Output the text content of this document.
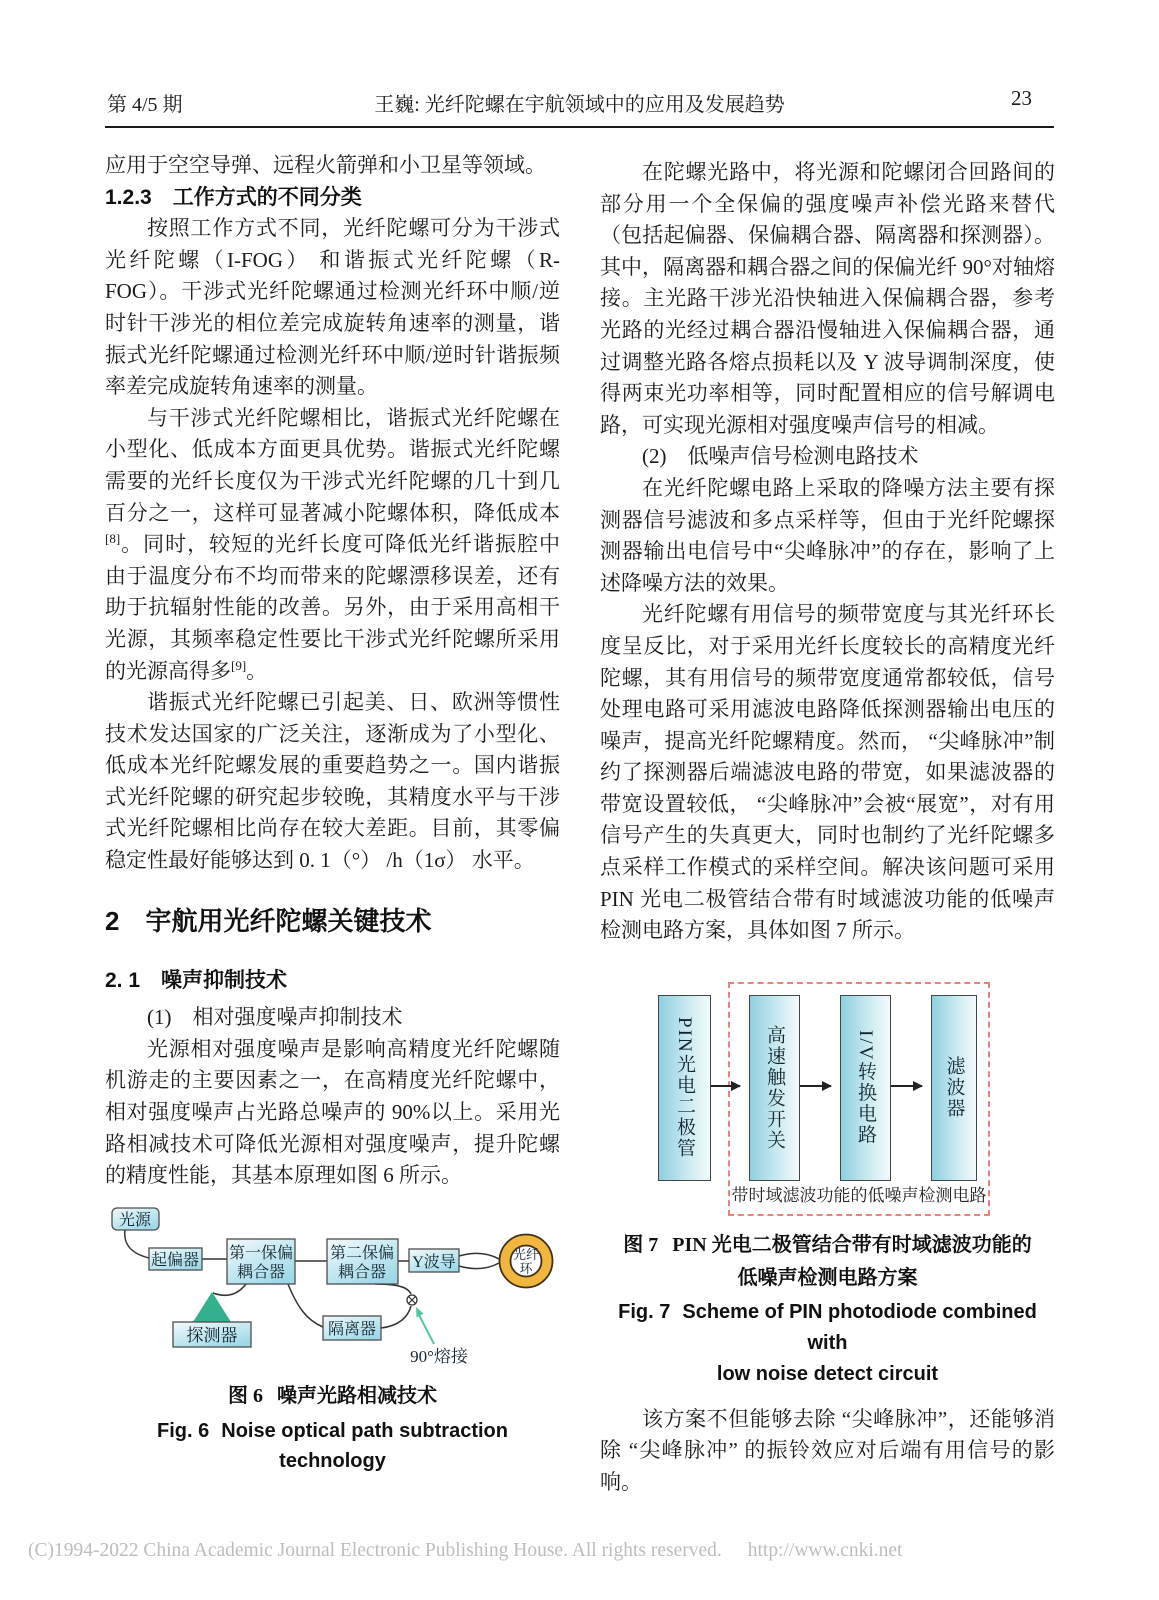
第 4/5 期	王巍: 光纤陀螺在宇航领域中的应用及发展趋势	23

应用于空空导弹、远程火箭弹和小卫星等领域。

1.2.3　工作方式的不同分类

按照工作方式不同，光纤陀螺可分为干涉式光纤陀螺（I-FOG） 和谐振式光纤陀螺（R-FOG）。干涉式光纤陀螺通过检测光纤环中顺/逆时针干涉光的相位差完成旋转角速率的测量，谐振式光纤陀螺通过检测光纤环中顺/逆时针谐振频率差完成旋转角速率的测量。

与干涉式光纤陀螺相比，谐振式光纤陀螺在小型化、低成本方面更具优势。谐振式光纤陀螺需要的光纤长度仅为干涉式光纤陀螺的几十到几百分之一，这样可显著减小陀螺体积，降低成本[8]。同时，较短的光纤长度可降低光纤谐振腔中由于温度分布不均而带来的陀螺漂移误差，还有助于抗辐射性能的改善。另外，由于采用高相干光源，其频率稳定性要比干涉式光纤陀螺所采用的光源高得多[9]。

谐振式光纤陀螺已引起美、日、欧洲等惯性技术发达国家的广泛关注，逐渐成为了小型化、低成本光纤陀螺发展的重要趋势之一。国内谐振式光纤陀螺的研究起步较晚，其精度水平与干涉式光纤陀螺相比尚存在较大差距。目前，其零偏稳定性最好能够达到 0. 1（°） /h（1σ） 水平。

2　宇航用光纤陀螺关键技术
2. 1　噪声抑制技术

(1)　相对强度噪声抑制技术

光源相对强度噪声是影响高精度光纤陀螺随机游走的主要因素之一，在高精度光纤陀螺中，相对强度噪声占光路总噪声的 90%以上。采用光路相减技术可降低光源相对强度噪声，提升陀螺的精度性能，其基本原理如图 6 所示。

光源
起偏器 第一保偏
耦合器
第二保偏
耦合器
Y波导	光纤
环
探测器	隔离器
90°熔接
图 6 噪声光路相减技术
Fig. 6 Noise optical path subtraction technology

在陀螺光路中，将光源和陀螺闭合回路间的部分用一个全保偏的强度噪声补偿光路来替代（包括起偏器、保偏耦合器、隔离器和探测器）。其中，隔离器和耦合器之间的保偏光纤 90°对轴熔接。主光路干涉光沿快轴进入保偏耦合器，参考光路的光经过耦合器沿慢轴进入保偏耦合器，通过调整光路各熔点损耗以及 Y 波导调制深度，使得两束光功率相等，同时配置相应的信号解调电路，可实现光源相对强度噪声信号的相减。

(2)　低噪声信号检测电路技术

在光纤陀螺电路上采取的降噪方法主要有探测器信号滤波和多点采样等，但由于光纤陀螺探测器输出电信号中“尖峰脉冲”的存在，影响了上述降噪方法的效果。

光纤陀螺有用信号的频带宽度与其光纤环长度呈反比，对于采用光纤长度较长的高精度光纤陀螺，其有用信号的频带宽度通常都较低，信号处理电路可采用滤波电路降低探测器输出电压的噪声，提高光纤陀螺精度。然而， “尖峰脉冲”制约了探测器后端滤波电路的带宽，如果滤波器的带宽设置较低， “尖峰脉冲”会被“展宽”，对有用信号产生的失真更大，同时也制约了光纤陀螺多点采样工作模式的采样空间。解决该问题可采用 PIN 光电二极管结合带有时域滤波功能的低噪声检测电路方案，具体如图 7 所示。

PIN光电二极管	高速触发开关	I/V转换电路	滤波器
带时域滤波功能的低噪声检测电路
图 7 PIN 光电二极管结合带有时域滤波功能的
低噪声检测电路方案
Fig. 7 Scheme of PIN photodiode combined with
low noise detect circuit

该方案不但能够去除 “尖峰脉冲”，还能够消除 “尖峰脉冲” 的振铃效应对后端有用信号的影响。

(C)1994-2022 China Academic Journal Electronic Publishing House. All rights reserved. http://www.cnki.net
